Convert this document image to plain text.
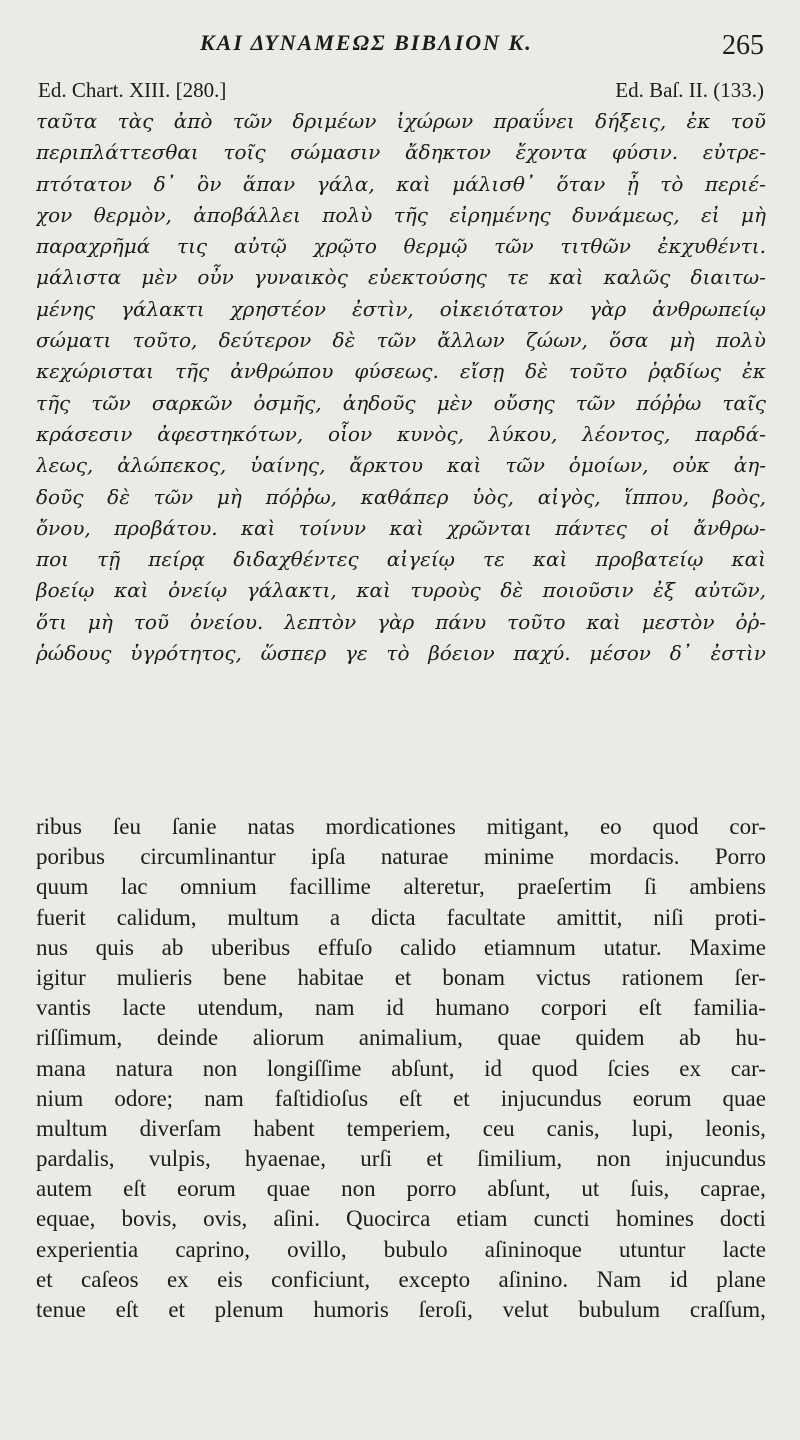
ΚΑΙ ΔΥΝΑΜΕΩΣ ΒΙΒΛΙΟΝ Κ.	265
Ed. Chart. XIII. [280.]	Ed. Baſ. II. (133.)
ταῦτα τὰς ἀπὸ τῶν δριμέων ἰχώρων πραΰνει δήξεις, ἐκ τοῦ
περιπλάττεσθαι τοῖς σώμασιν ἄδηκτον ἔχοντα φύσιν. εὐτρε-
πτότατον δ᾽ ὂν ἅπαν γάλα, καὶ μάλισθ᾽ ὅταν ᾖ τὸ περιέ-
χον θερμὸν, ἀποβάλλει πολὺ τῆς εἰρημένης δυνάμεως, εἰ μὴ
παραχρῆμά τις αὐτῷ χρῷτο θερμῷ τῶν τιτθῶν ἐκχυθέντι.
μάλιστα μὲν οὖν γυναικὸς εὐεκτούσης τε καὶ καλῶς διαιτω-
μένης γάλακτι χρηστέον ἐστὶν, οἰκειότατον γὰρ ἀνθρωπείῳ
σώματι τοῦτο, δεύτερον δὲ τῶν ἄλλων ζώων, ὅσα μὴ πολὺ
κεχώρισται τῆς ἀνθρώπου φύσεως. εἴσῃ δὲ τοῦτο ῥᾳδίως ἐκ
τῆς τῶν σαρκῶν ὀσμῆς, ἀηδοῦς μὲν οὔσης τῶν πόῤῥω ταῖς
κράσεσιν ἀφεστηκότων, οἷον κυνὸς, λύκου, λέοντος, παρδά-
λεως, ἀλώπεκος, ὑαίνης, ἄρκτου καὶ τῶν ὁμοίων, οὐκ ἀη-
δοῦς δὲ τῶν μὴ πόῤῥω, καθάπερ ὑὸς, αἰγὸς, ἵππου, βοὸς,
ὄνου, προβάτου. καὶ τοίνυν καὶ χρῶνται πάντες οἱ ἄνθρω-
ποι τῇ πείρᾳ διδαχθέντες αἰγείῳ τε καὶ προβατείῳ καὶ
βοείῳ καὶ ὀνείῳ γάλακτι, καὶ τυροὺς δὲ ποιοῦσιν ἐξ αὐτῶν,
ὅτι μὴ τοῦ ὀνείου. λεπτὸν γὰρ πάνυ τοῦτο καὶ μεστὸν ὀῤ-
ῥώδους ὑγρότητος, ὥσπερ γε τὸ βόειον παχύ. μέσον δ᾽ ἐστὶν
ribus ſeu ſanie natas mordicationes mitigant, eo quod cor-
poribus circumlinantur ipſa naturae minime mordacis. Porro
quum lac omnium facillime alteretur, praeſertim ſi ambiens
fuerit calidum, multum a dicta facultate amittit, niſi proti-
nus quis ab uberibus effuſo calido etiamnum utatur. Maxime
igitur mulieris bene habitae et bonam victus rationem ſer-
vantis lacte utendum, nam id humano corpori eſt familia-
riſſimum, deinde aliorum animalium, quae quidem ab hu-
mana natura non longiſſime abſunt, id quod ſcies ex car-
nium odore; nam faſtidioſus eſt et injucundus eorum quae
multum diverſam habent temperiem, ceu canis, lupi, leonis,
pardalis, vulpis, hyaenae, urſi et ſimilium, non injucundus
autem eſt eorum quae non porro abſunt, ut ſuis, caprae,
equae, bovis, ovis, aſini. Quocirca etiam cuncti homines docti
experientia caprino, ovillo, bubulo aſininoque utuntur lacte
et caſeos ex eis conficiunt, excepto aſinino. Nam id plane
tenue eſt et plenum humoris ſeroſi, velut bubulum craſſum,
